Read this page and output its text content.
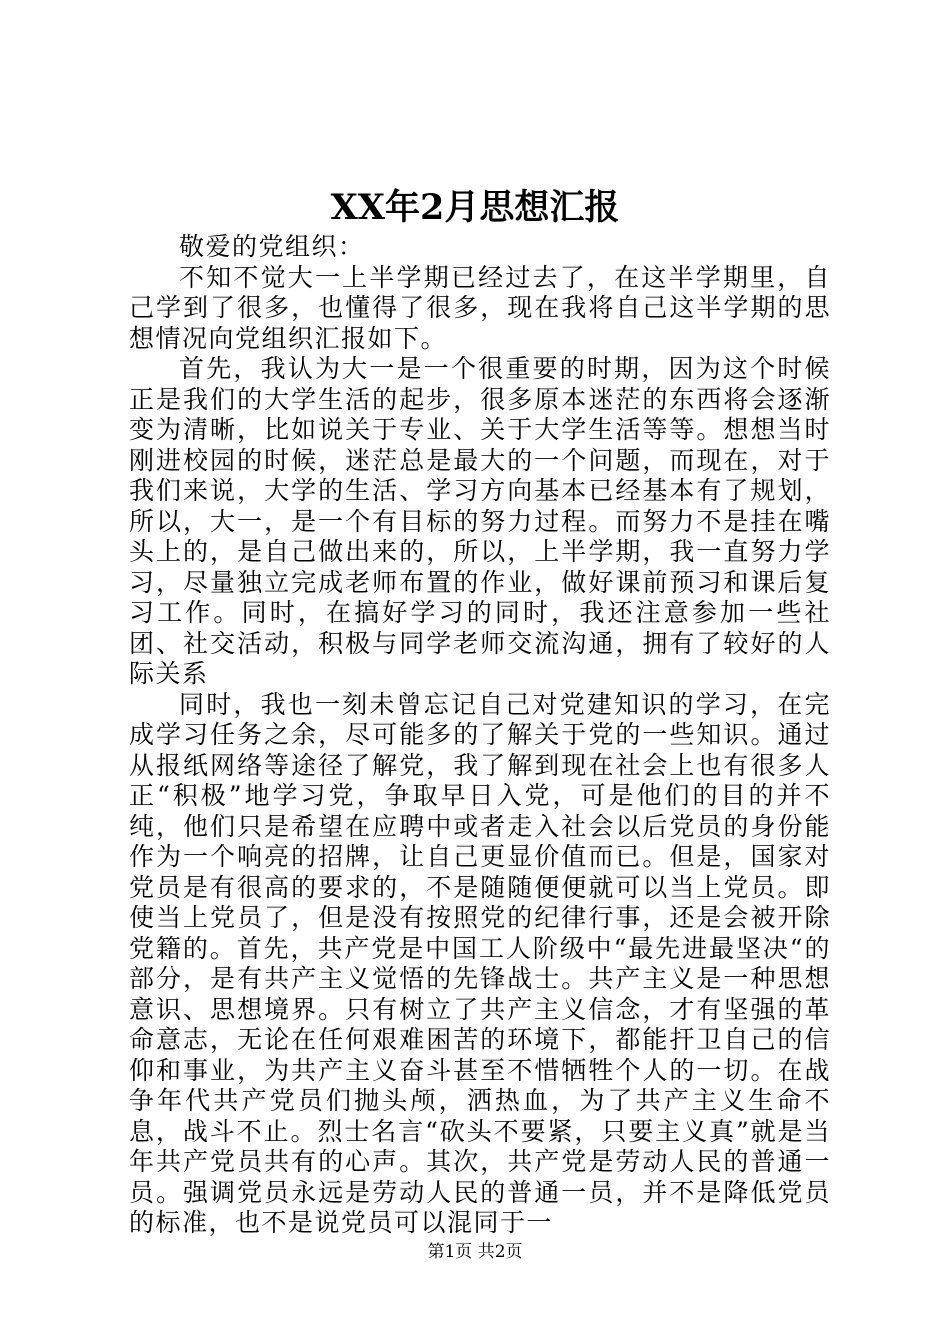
XX年2月思想汇报

敬爱的党组织：

不知不觉大一上半学期已经过去了，在这半学期里，自己学到了很多，也懂得了很多，现在我将自己这半学期的思想情况向党组织汇报如下。

首先，我认为大一是一个很重要的时期，因为这个时候正是我们的大学生活的起步，很多原本迷茫的东西将会逐渐变为清晰，比如说关于专业、关于大学生活等等。想想当时刚进校园的时候，迷茫总是最大的一个问题，而现在，对于我们来说，大学的生活、学习方向基本已经基本有了规划，所以，大一，是一个有目标的努力过程。而努力不是挂在嘴头上的，是自己做出来的，所以，上半学期，我一直努力学习，尽量独立完成老师布置的作业，做好课前预习和课后复习工作。同时，在搞好学习的同时，我还注意参加一些社团、社交活动，积极与同学老师交流沟通，拥有了较好的人际关系

同时，我也一刻未曾忘记自己对党建知识的学习，在完成学习任务之余，尽可能多的了解关于党的一些知识。通过从报纸网络等途径了解党，我了解到现在社会上也有很多人正“积极”地学习党，争取早日入党，可是他们的目的并不纯，他们只是希望在应聘中或者走入社会以后党员的身份能作为一个响亮的招牌，让自己更显价值而已。但是，国家对党员是有很高的要求的，不是随随便便就可以当上党员。即使当上党员了，但是没有按照党的纪律行事，还是会被开除党籍的。首先，共产党是中国工人阶级中“最先进最坚决“的部分，是有共产主义觉悟的先锋战士。共产主义是一种思想意识、思想境界。只有树立了共产主义信念，才有坚强的革命意志，无论在任何艰难困苦的环境下，都能扞卫自己的信仰和事业，为共产主义奋斗甚至不惜牺牲个人的一切。在战争年代共产党员们抛头颅，洒热血，为了共产主义生命不息，战斗不止。烈士名言“砍头不要紧，只要主义真”就是当年共产党员共有的心声。其次，共产党是劳动人民的普通一员。强调党员永远是劳动人民的普通一员，并不是降低党员的标准，也不是说党员可以混同于一

第1页 共2页
